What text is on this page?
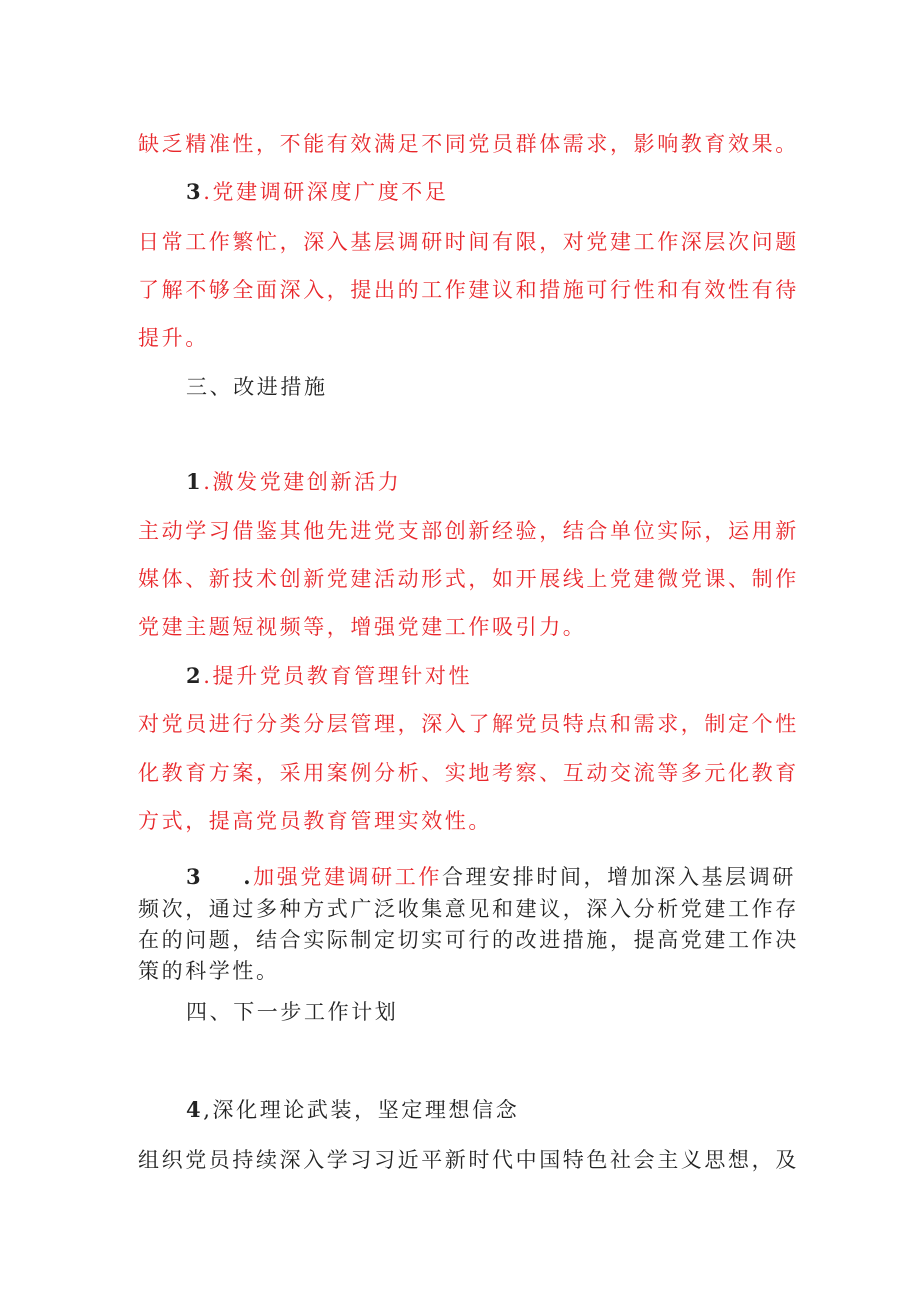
缺乏精准性，不能有效满足不同党员群体需求，影响教育效果。
3.党建调研深度广度不足
日常工作繁忙，深入基层调研时间有限，对党建工作深层次问题
了解不够全面深入，提出的工作建议和措施可行性和有效性有待
提升。
三、改进措施
1.激发党建创新活力
主动学习借鉴其他先进党支部创新经验，结合单位实际，运用新
媒体、新技术创新党建活动形式，如开展线上党建微党课、制作
党建主题短视频等，增强党建工作吸引力。
2.提升党员教育管理针对性
对党员进行分类分层管理，深入了解党员特点和需求，制定个性
化教育方案，采用案例分析、实地考察、互动交流等多元化教育
方式，提高党员教育管理实效性。
3 .加强党建调研工作合理安排时间，增加深入基层调研
频次，通过多种方式广泛收集意见和建议，深入分析党建工作存
在的问题，结合实际制定切实可行的改进措施，提高党建工作决
策的科学性。
四、下一步工作计划
4,深化理论武装，坚定理想信念
组织党员持续深入学习习近平新时代中国特色社会主义思想，及
